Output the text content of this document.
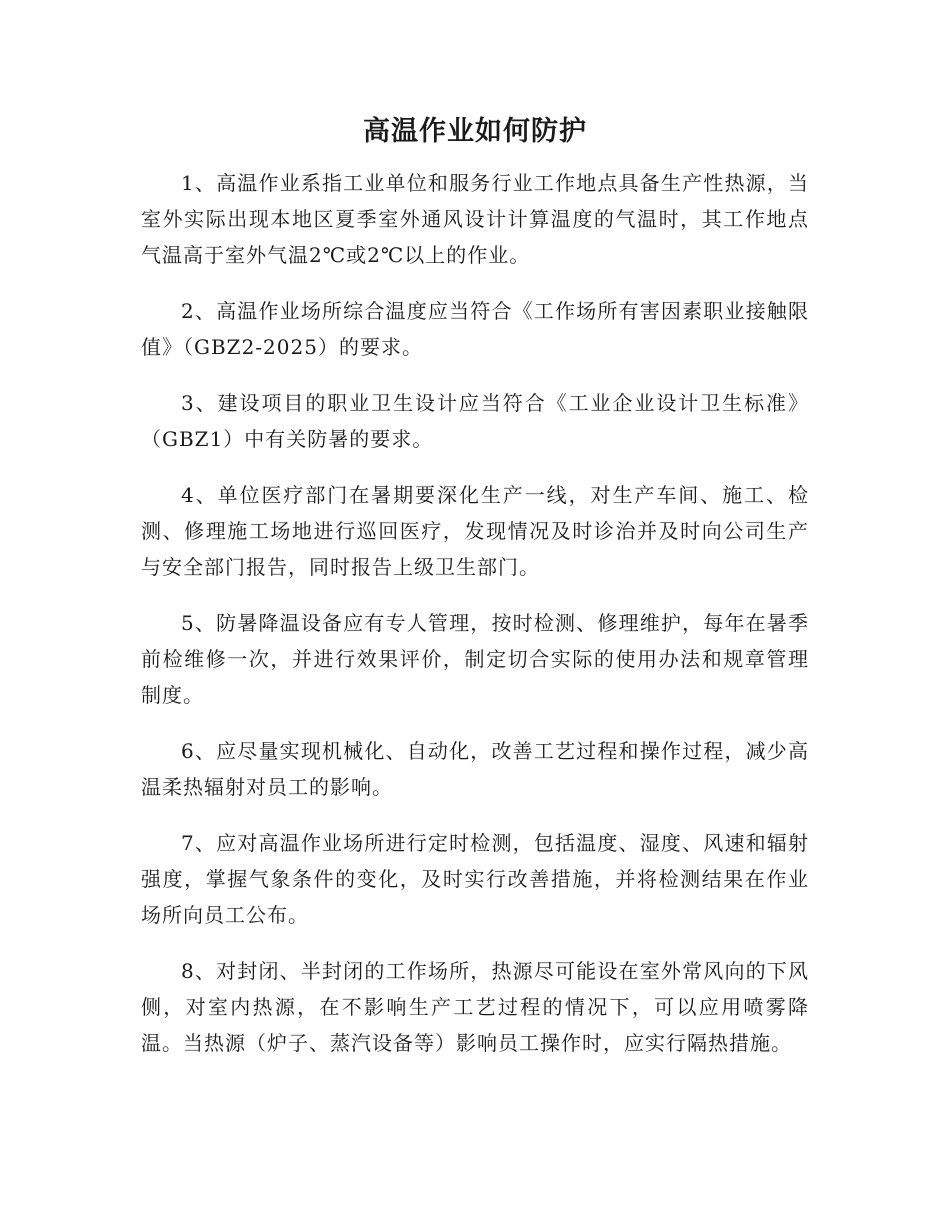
高温作业如何防护

1、高温作业系指工业单位和服务行业工作地点具备生产性热源，当室外实际出现本地区夏季室外通风设计计算温度的气温时，其工作地点气温高于室外气温2℃或2℃以上的作业。

2、高温作业场所综合温度应当符合《工作场所有害因素职业接触限值》（GBZ2-2025）的要求。

3、建设项目的职业卫生设计应当符合《工业企业设计卫生标准》（GBZ1）中有关防暑的要求。

4、单位医疗部门在暑期要深化生产一线，对生产车间、施工、检测、修理施工场地进行巡回医疗，发现情况及时诊治并及时向公司生产与安全部门报告，同时报告上级卫生部门。

5、防暑降温设备应有专人管理，按时检测、修理维护，每年在暑季前检维修一次，并进行效果评价，制定切合实际的使用办法和规章管理制度。

6、应尽量实现机械化、自动化，改善工艺过程和操作过程，减少高温柔热辐射对员工的影响。

7、应对高温作业场所进行定时检测，包括温度、湿度、风速和辐射强度，掌握气象条件的变化，及时实行改善措施，并将检测结果在作业场所向员工公布。

8、对封闭、半封闭的工作场所，热源尽可能设在室外常风向的下风侧，对室内热源，在不影响生产工艺过程的情况下，可以应用喷雾降温。当热源（炉子、蒸汽设备等）影响员工操作时，应实行隔热措施。
